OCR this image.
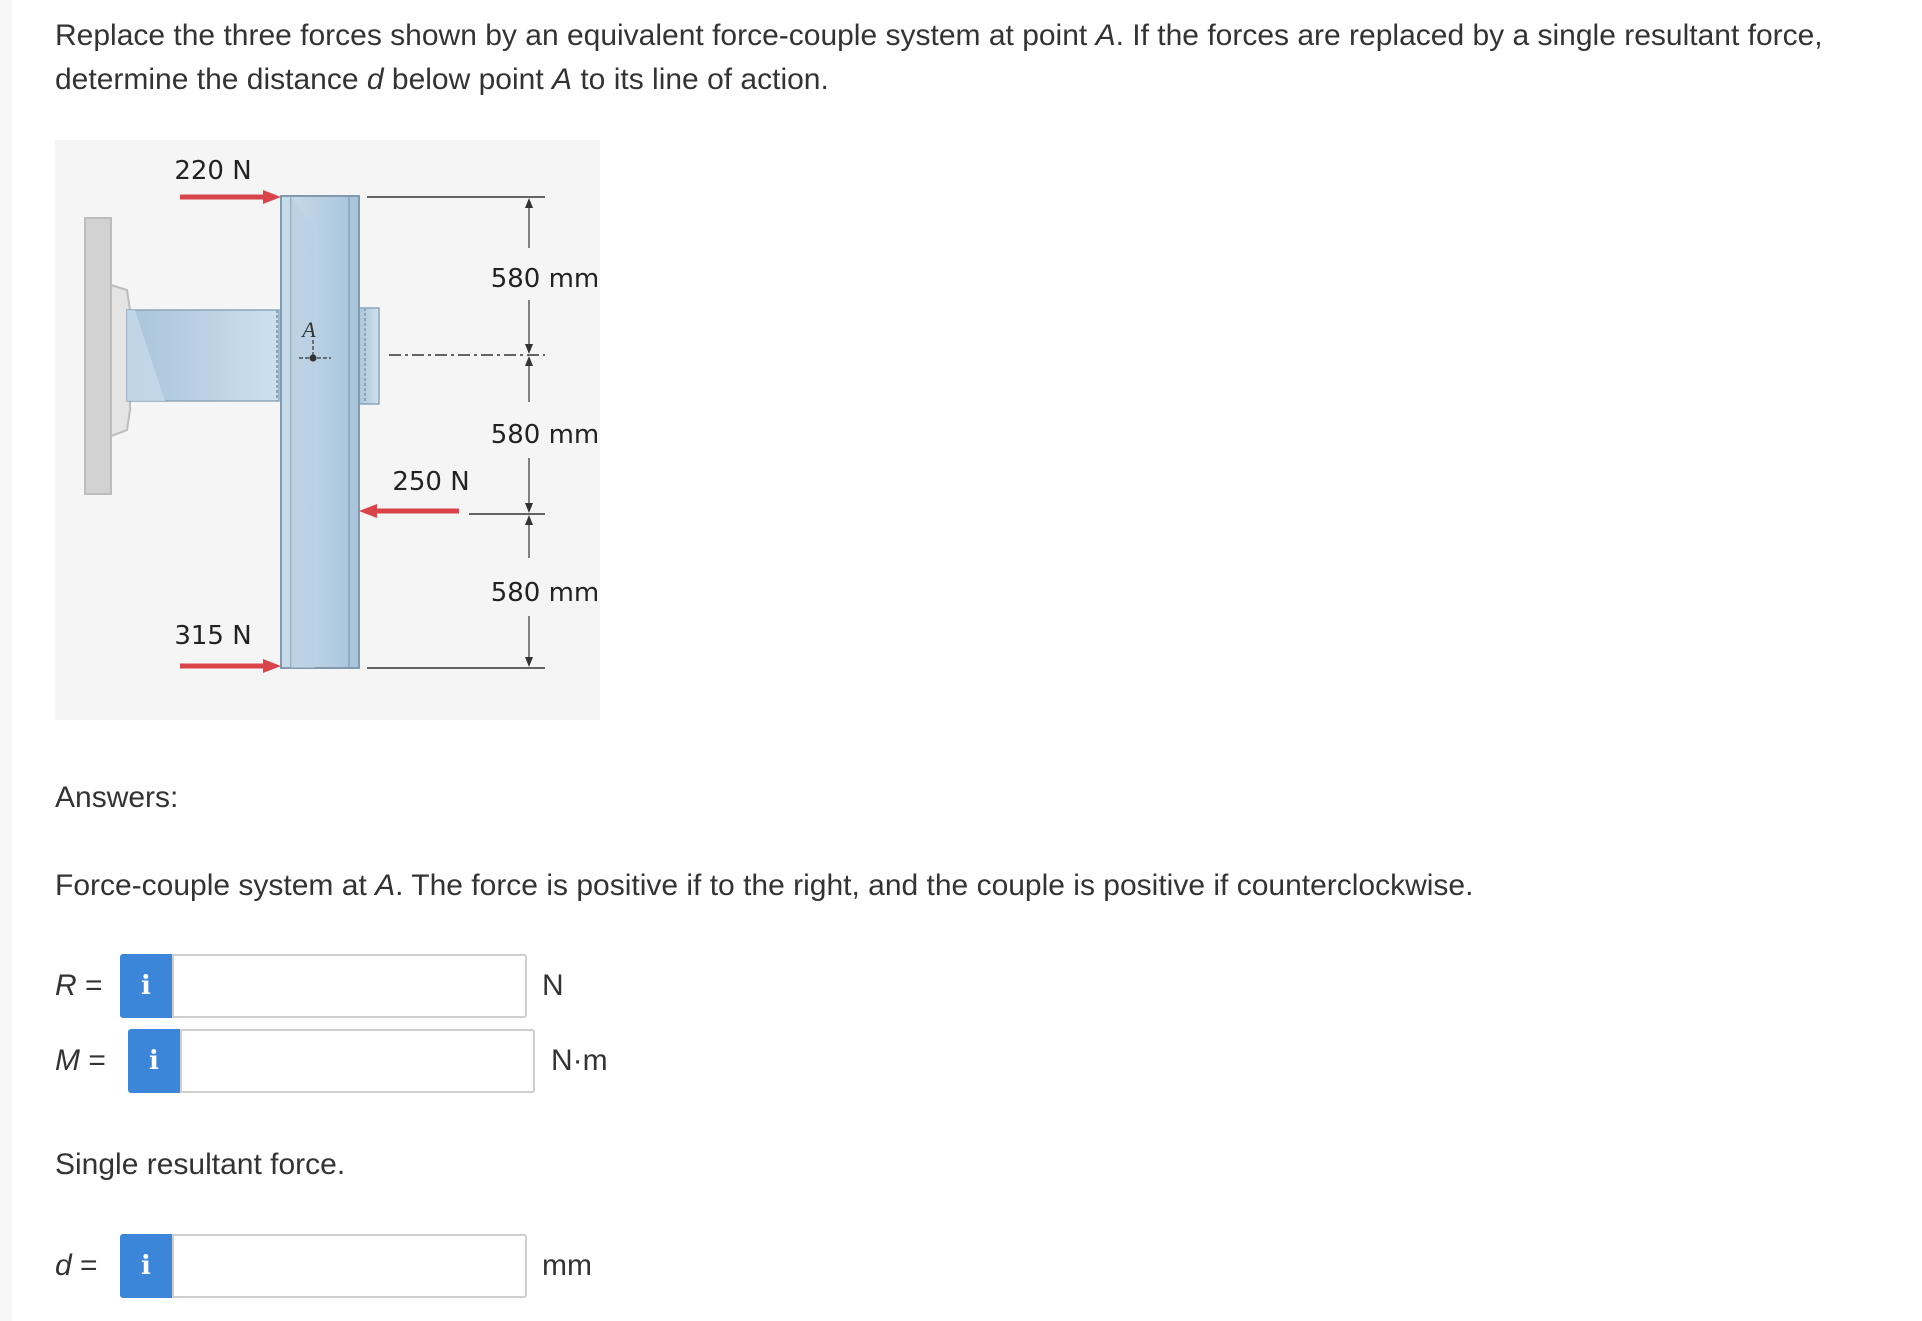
Replace the three forces shown by an equivalent force-couple system at point A. If the forces are replaced by a single resultant force, determine the distance d below point A to its line of action.
A
580 mm
580 mm
580 mm
220 N
250 N
315 N
Answers:
Force-couple system at A. The force is positive if to the right, and the couple is positive if counterclockwise.
R = i	N
M = i	N·m
Single resultant force.
d = i	mm
